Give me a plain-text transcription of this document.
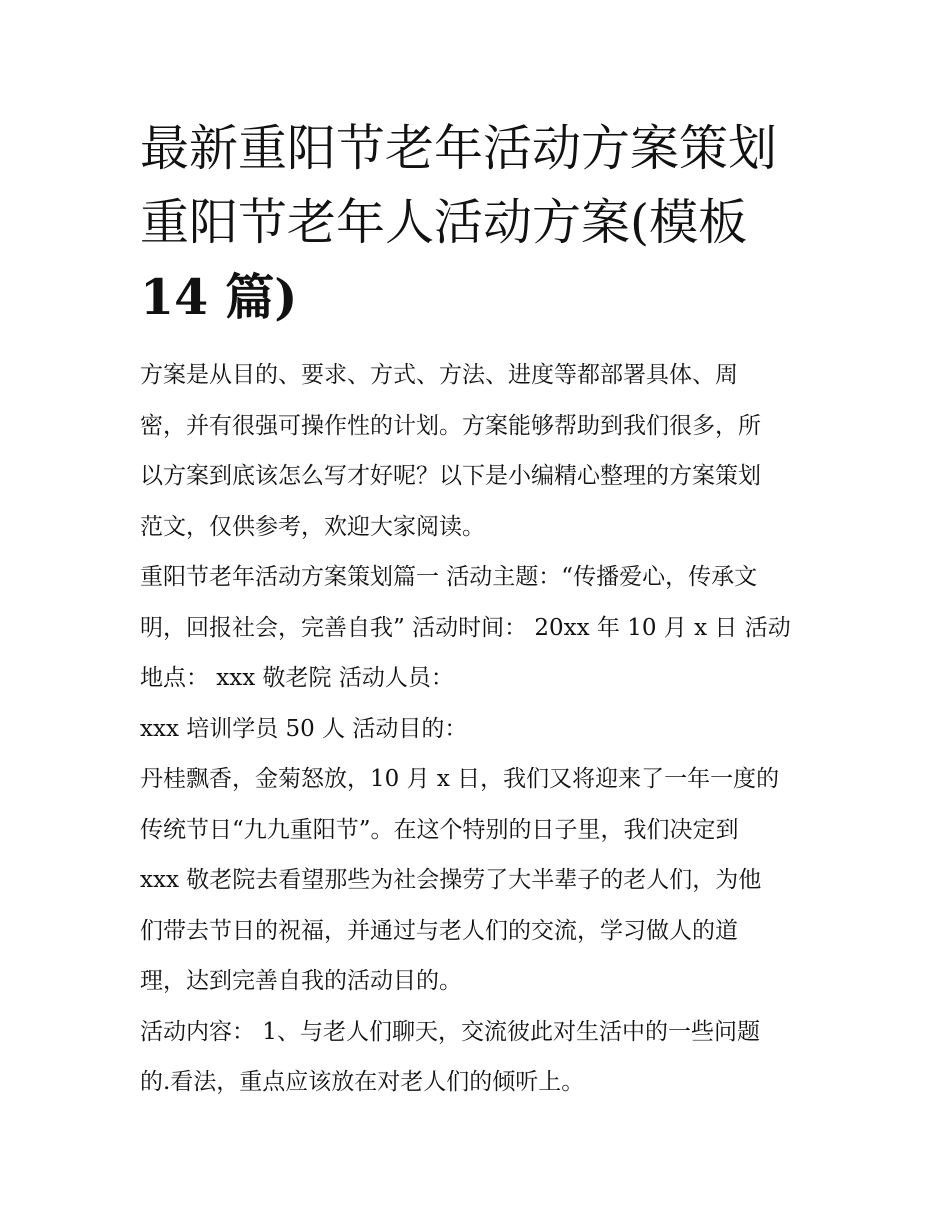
最新重阳节老年活动方案策划
重阳节老年人活动方案(模板
14 篇)

方案是从目的、要求、方式、方法、进度等都部署具体、周
密，并有很强可操作性的计划。方案能够帮助到我们很多，所
以方案到底该怎么写才好呢？以下是小编精心整理的方案策划
范文，仅供参考，欢迎大家阅读。

重阳节老年活动方案策划篇一 活动主题：“传播爱心，传承文
明，回报社会，完善自我” 活动时间： 20xx 年 10 月 x 日 活动
地点： xxx 敬老院 活动人员：

xxx 培训学员 50 人 活动目的：

丹桂飘香，金菊怒放，10 月 x 日，我们又将迎来了一年一度的
传统节日“九九重阳节”。在这个特别的日子里，我们决定到
xxx 敬老院去看望那些为社会操劳了大半辈子的老人们，为他
们带去节日的祝福，并通过与老人们的交流，学习做人的道
理，达到完善自我的活动目的。

活动内容： 1、与老人们聊天，交流彼此对生活中的一些问题
的.看法，重点应该放在对老人们的倾听上。
